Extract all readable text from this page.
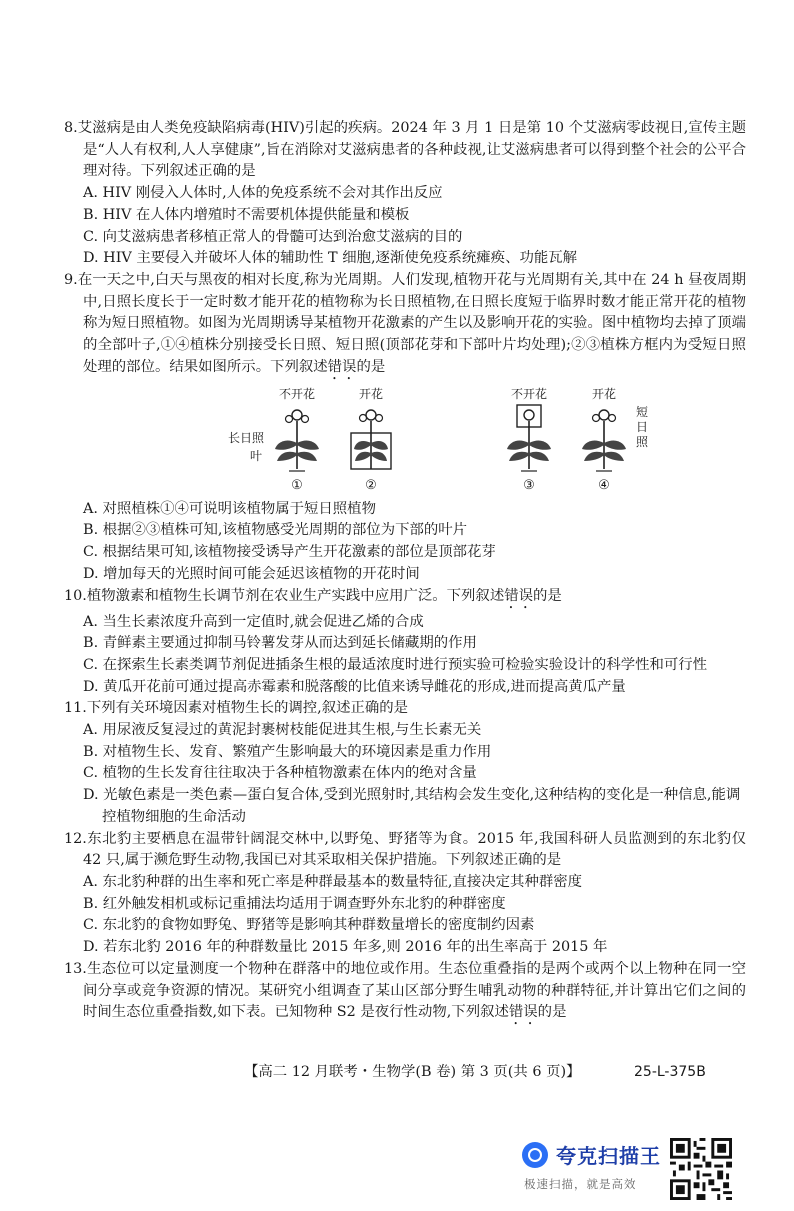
8.艾滋病是由人类免疫缺陷病毒(HIV)引起的疾病。2024 年 3 月 1 日是第 10 个艾滋病零歧视日,宣传主题是“人人有权利,人人享健康”,旨在消除对艾滋病患者的各种歧视,让艾滋病患者可以得到整个社会的公平合理对待。下列叙述正确的是
A. HIV 刚侵入人体时,人体的免疫系统不会对其作出反应
B. HIV 在人体内增殖时不需要机体提供能量和模板
C. 向艾滋病患者移植正常人的骨髓可达到治愈艾滋病的目的
D. HIV 主要侵入并破坏人体的辅助性 T 细胞,逐渐使免疫系统瘫痪、功能瓦解
9.在一天之中,白天与黑夜的相对长度,称为光周期。人们发现,植物开花与光周期有关,其中在 24 h 昼夜周期中,日照长度长于一定时数才能开花的植物称为长日照植物,在日照长度短于临界时数才能正常开花的植物称为短日照植物。如图为光周期诱导某植物开花激素的产生以及影响开花的实验。图中植物均去掉了顶端的全部叶子,①④植株分别接受长日照、短日照(顶部花芽和下部叶片均处理);②③植株方框内为受短日照处理的部位。结果如图所示。下列叙述错误的是
不开花
①
长日照
叶
开花
②
不开花
③
开花
④
短日照
A. 对照植株①④可说明该植物属于短日照植物
B. 根据②③植株可知,该植物感受光周期的部位为下部的叶片
C. 根据结果可知,该植物接受诱导产生开花激素的部位是顶部花芽
D. 增加每天的光照时间可能会延迟该植物的开花时间
10.植物激素和植物生长调节剂在农业生产实践中应用广泛。下列叙述错误的是
A. 当生长素浓度升高到一定值时,就会促进乙烯的合成
B. 青鲜素主要通过抑制马铃薯发芽从而达到延长储藏期的作用
C. 在探索生长素类调节剂促进插条生根的最适浓度时进行预实验可检验实验设计的科学性和可行性
D. 黄瓜开花前可通过提高赤霉素和脱落酸的比值来诱导雌花的形成,进而提高黄瓜产量
11.下列有关环境因素对植物生长的调控,叙述正确的是
A. 用尿液反复浸过的黄泥封裹树枝能促进其生根,与生长素无关
B. 对植物生长、发育、繁殖产生影响最大的环境因素是重力作用
C. 植物的生长发育往往取决于各种植物激素在体内的绝对含量
D. 光敏色素是一类色素—蛋白复合体,受到光照射时,其结构会发生变化,这种结构的变化是一种信息,能调控植物细胞的生命活动
12.东北豹主要栖息在温带针阔混交林中,以野兔、野猪等为食。2015 年,我国科研人员监测到的东北豹仅 42 只,属于濒危野生动物,我国已对其采取相关保护措施。下列叙述正确的是
A. 东北豹种群的出生率和死亡率是种群最基本的数量特征,直接决定其种群密度
B. 红外触发相机或标记重捕法均适用于调查野外东北豹的种群密度
C. 东北豹的食物如野兔、野猪等是影响其种群数量增长的密度制约因素
D. 若东北豹 2016 年的种群数量比 2015 年多,则 2016 年的出生率高于 2015 年
13.生态位可以定量测度一个物种在群落中的地位或作用。生态位重叠指的是两个或两个以上物种在同一空间分享或竞争资源的情况。某研究小组调查了某山区部分野生哺乳动物的种群特征,并计算出它们之间的时间生态位重叠指数,如下表。已知物种 S2 是夜行性动物,下列叙述错误的是
【高二 12 月联考・生物学(B 卷) 第 3 页(共 6 页)】	25-L-375B
夸克扫描王
极速扫描，就是高效
